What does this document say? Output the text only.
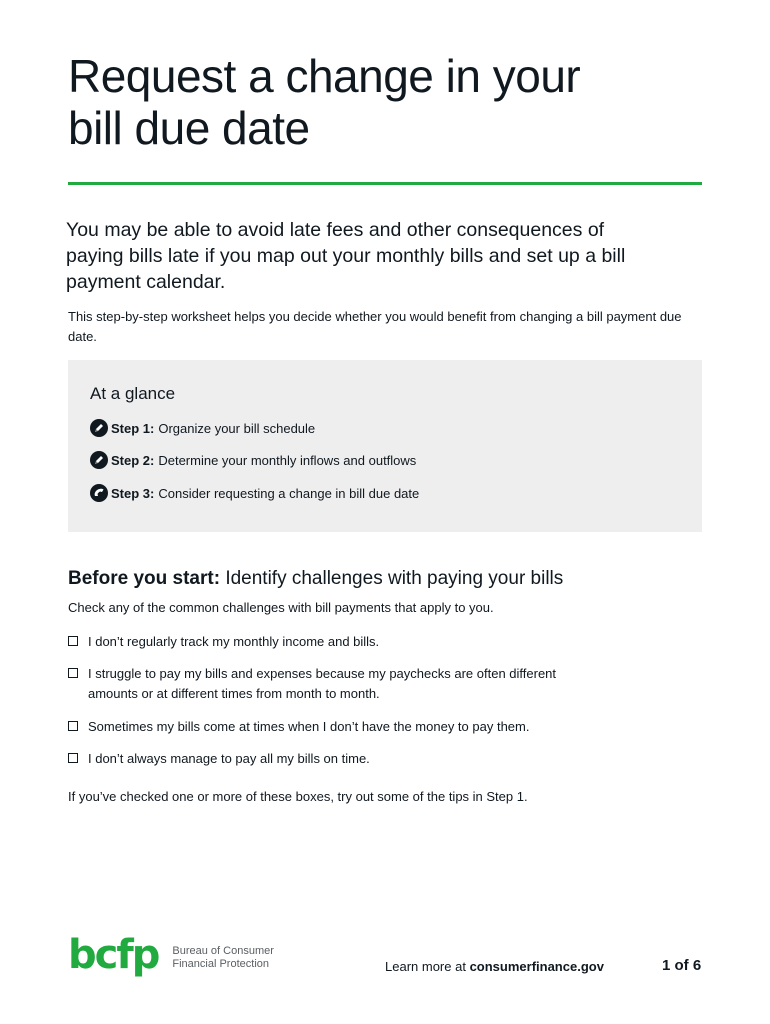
Request a change in your
bill due date

You may be able to avoid late fees and other consequences of paying bills late if you map out your monthly bills and set up a bill payment calendar.

This step-by-step worksheet helps you decide whether you would benefit from changing a bill payment due date.

At a glance
Step 1: Organize your bill schedule
Step 2: Determine your monthly inflows and outflows
Step 3: Consider requesting a change in bill due date
Before you start: Identify challenges with paying your bills
Check any of the common challenges with bill payments that apply to you.
I don’t regularly track my monthly income and bills.
I struggle to pay my bills and expenses because my paychecks are often different amounts or at different times from month to month.
Sometimes my bills come at times when I don’t have the money to pay them.
I don’t always manage to pay all my bills on time.
If you’ve checked one or more of these boxes, try out some of the tips in Step 1.
bcfp Bureau of Consumer
Financial Protection	Learn more at consumerfinance.gov	1 of 6
